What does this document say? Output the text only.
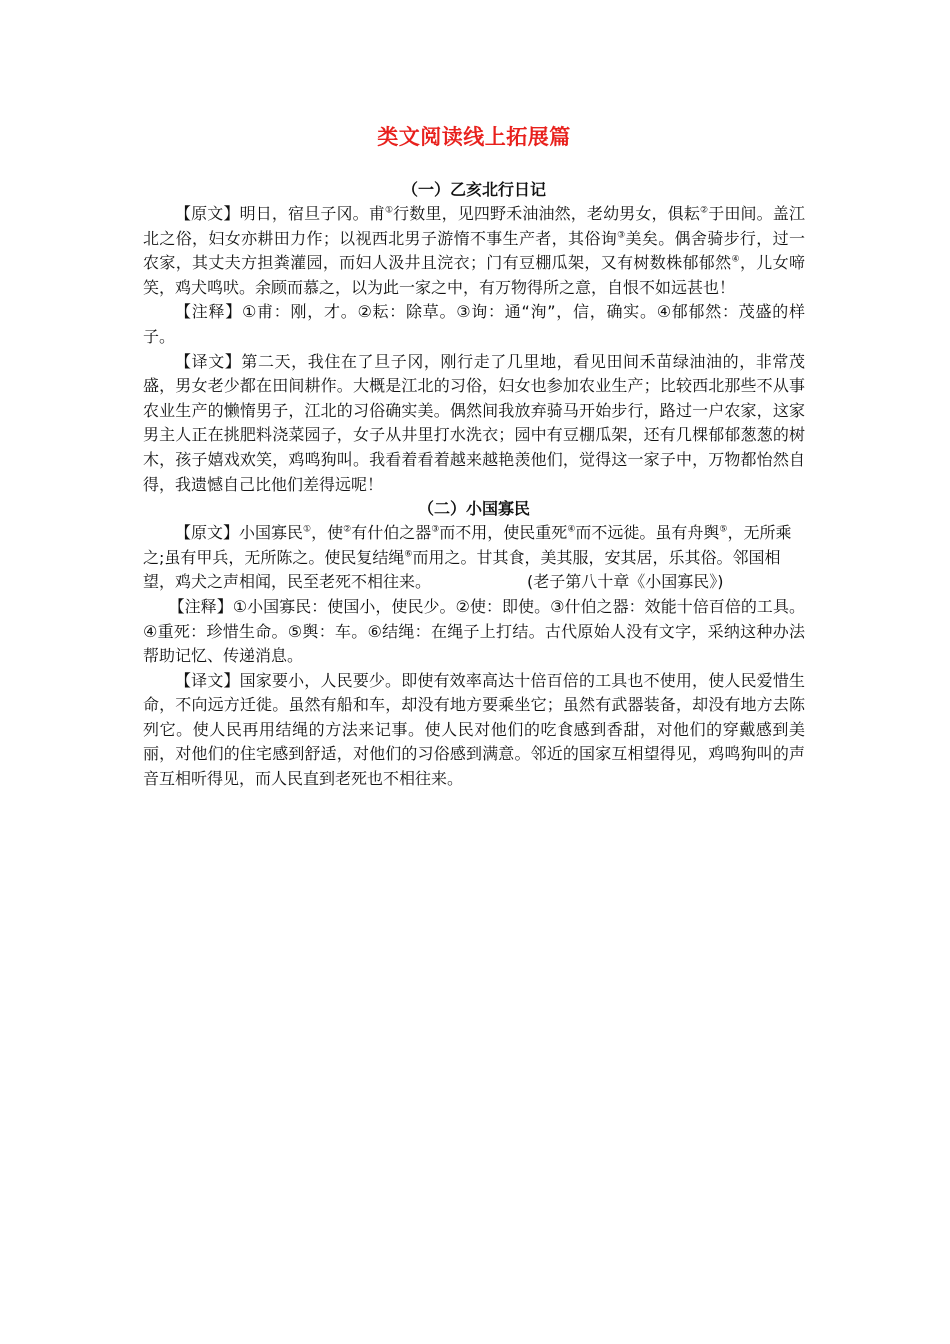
类文阅读线上拓展篇
（一）乙亥北行日记

【原文】明日，宿旦子冈。甫①行数里，见四野禾油油然，老幼男女，俱耘②于田间。盖江北之俗，妇女亦耕田力作；以视西北男子游惰不事生产者，其俗询③美矣。偶舍骑步行，过一农家，其丈夫方担粪灌园，而妇人汲井且浣衣；门有豆棚瓜架，又有树数株郁郁然④，儿女啼笑，鸡犬鸣吠。余顾而慕之，以为此一家之中，有万物得所之意，自恨不如远甚也！

【注释】①甫：刚，才。②耘：除草。③询：通“洵”，信，确实。④郁郁然：茂盛的样子。

【译文】第二天，我住在了旦子冈，刚行走了几里地，看见田间禾苗绿油油的，非常茂盛，男女老少都在田间耕作。大概是江北的习俗，妇女也参加农业生产；比较西北那些不从事农业生产的懒惰男子，江北的习俗确实美。偶然间我放弃骑马开始步行，路过一户农家，这家男主人正在挑肥料浇菜园子，女子从井里打水洗衣；园中有豆棚瓜架，还有几棵郁郁葱葱的树木，孩子嬉戏欢笑，鸡鸣狗叫。我看着看着越来越艳羡他们，觉得这一家子中，万物都怡然自得，我遗憾自己比他们差得远呢！

（二）小国寡民

【原文】小国寡民①，使②有什伯之器③而不用，使民重死④而不远徙。虽有舟舆⑤，无所乘之;虽有甲兵，无所陈之。使民复结绳⑥而用之。甘其食，美其服，安其居，乐其俗。邻国相望，鸡犬之声相闻，民至老死不相往来。	(老子第八十章《小国寡民》)

【注释】①小国寡民：使国小，使民少。②使：即使。③什伯之器：效能十倍百倍的工具。④重死：珍惜生命。⑤舆：车。⑥结绳：在绳子上打结。古代原始人没有文字，采纳这种办法帮助记忆、传递消息。

【译文】国家要小，人民要少。即使有效率高达十倍百倍的工具也不使用，使人民爱惜生命，不向远方迁徙。虽然有船和车，却没有地方要乘坐它；虽然有武器装备，却没有地方去陈列它。使人民再用结绳的方法来记事。使人民对他们的吃食感到香甜，对他们的穿戴感到美丽，对他们的住宅感到舒适，对他们的习俗感到满意。邻近的国家互相望得见，鸡鸣狗叫的声音互相听得见，而人民直到老死也不相往来。
